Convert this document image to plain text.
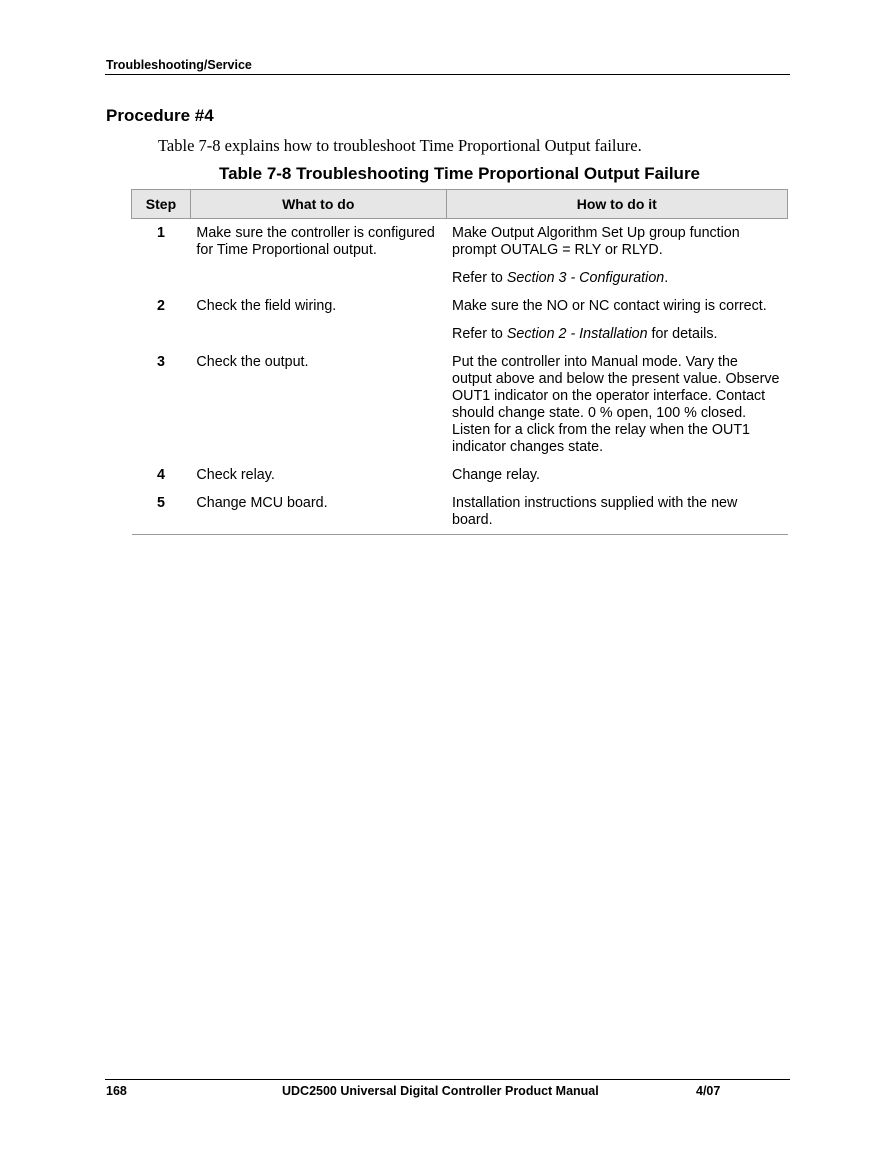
Troubleshooting/Service
Procedure #4
Table 7-8 explains how to troubleshoot Time Proportional Output failure.
Table 7-8 Troubleshooting Time Proportional Output Failure
Step	What to do	How to do it
1	Make sure the controller is configured for Time Proportional output.	Make Output Algorithm Set Up group function prompt OUTALG = RLY or RLYD.

Refer to Section 3 - Configuration.

2	Check the field wiring.	Make sure the NO or NC contact wiring is correct.

Refer to Section 2 - Installation for details.

3	Check the output.	Put the controller into Manual mode. Vary the output above and below the present value. Observe OUT1 indicator on the operator interface. Contact should change state. 0 % open, 100 % closed. Listen for a click from the relay when the OUT1 indicator changes state.

4	Check relay.	Change relay.

5	Change MCU board.	Installation instructions supplied with the new board.

168	UDC2500 Universal Digital Controller Product Manual	4/07
